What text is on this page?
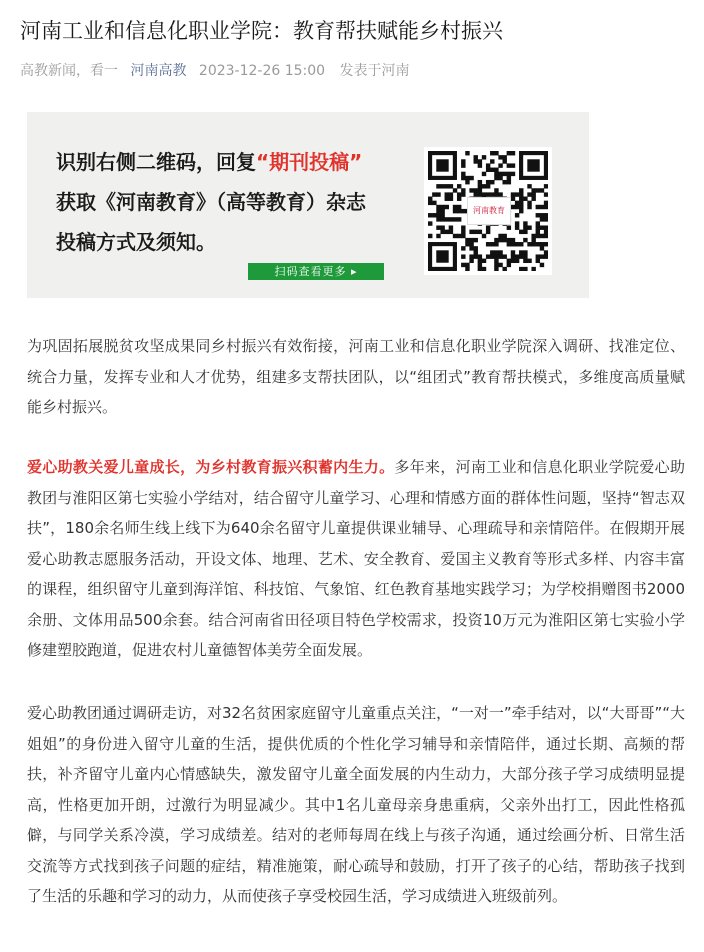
河南工业和信息化职业学院：教育帮扶赋能乡村振兴
高教新闻，看一 河南高教 2023-12-26 15:00 发表于河南
识别右侧二维码，回复“期刊投稿”
获取《河南教育》（高等教育）杂志
投稿方式及须知。
扫码查看更多 ▸
河南教育

为巩固拓展脱贫攻坚成果同乡村振兴有效衔接，河南工业和信息化职业学院深入调研、找准定位、统合力量，发挥专业和人才优势，组建多支帮扶团队，以“组团式”教育帮扶模式，多维度高质量赋能乡村振兴。

爱心助教关爱儿童成长，为乡村教育振兴积蓄内生力。多年来，河南工业和信息化职业学院爱心助教团与淮阳区第七实验小学结对，结合留守儿童学习、心理和情感方面的群体性问题，坚持“智志双扶”，180余名师生线上线下为640余名留守儿童提供课业辅导、心理疏导和亲情陪伴。在假期开展爱心助教志愿服务活动，开设文体、地理、艺术、安全教育、爱国主义教育等形式多样、内容丰富的课程，组织留守儿童到海洋馆、科技馆、气象馆、红色教育基地实践学习；为学校捐赠图书2000余册、文体用品500余套。结合河南省田径项目特色学校需求，投资10万元为淮阳区第七实验小学修建塑胶跑道，促进农村儿童德智体美劳全面发展。

爱心助教团通过调研走访，对32名贫困家庭留守儿童重点关注，“一对一”牵手结对，以“大哥哥”“大姐姐”的身份进入留守儿童的生活，提供优质的个性化学习辅导和亲情陪伴，通过长期、高频的帮扶，补齐留守儿童内心情感缺失，激发留守儿童全面发展的内生动力，大部分孩子学习成绩明显提高，性格更加开朗，过激行为明显减少。其中1名儿童母亲身患重病，父亲外出打工，因此性格孤僻，与同学关系冷漠，学习成绩差。结对的老师每周在线上与孩子沟通，通过绘画分析、日常生活交流等方式找到孩子问题的症结，精准施策，耐心疏导和鼓励，打开了孩子的心结，帮助孩子找到了生活的乐趣和学习的动力，从而使孩子享受校园生活，学习成绩进入班级前列。
